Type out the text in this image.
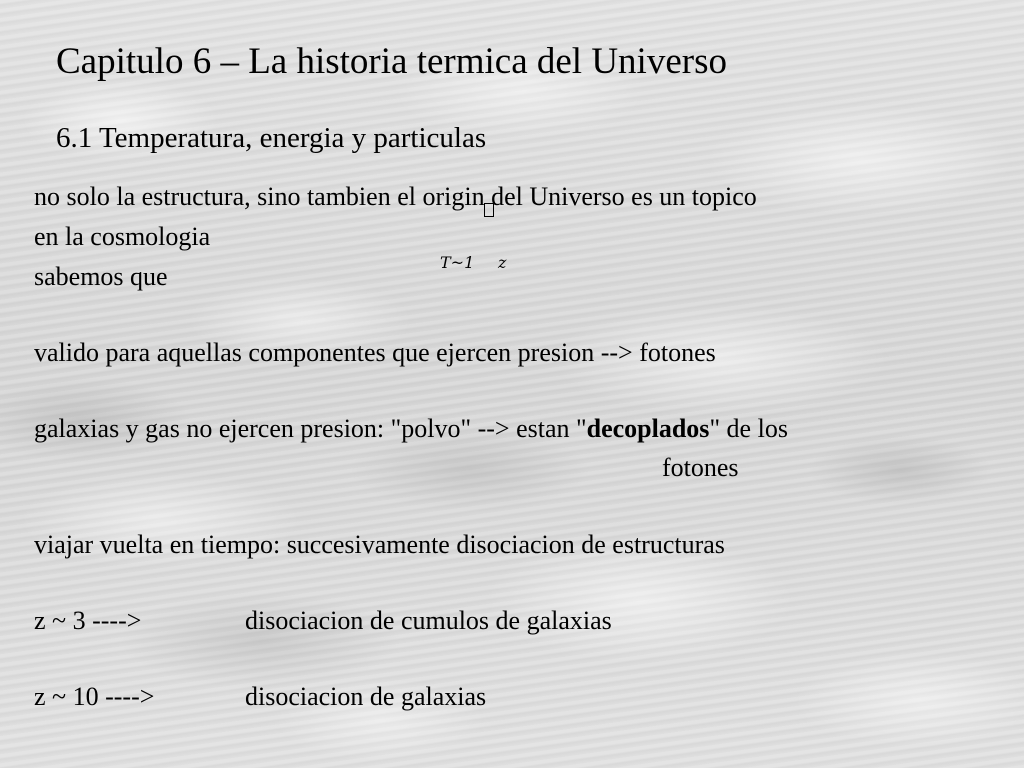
Capitulo 6 – La historia termica del Universo
6.1 Temperatura, energia y particulas
no solo la estructura, sino tambien el origin del Universo es un topico
en la cosmologia
sabemos que	T~1 z
valido para aquellas componentes que ejercen presion --> fotones
galaxias y gas no ejercen presion: "polvo" --> estan "decoplados" de los
fotones
viajar vuelta en tiempo: succesivamente disociacion de estructuras
z ~ 3 ---->	disociacion de cumulos de galaxias
z ~ 10 ---->	disociacion de galaxias
